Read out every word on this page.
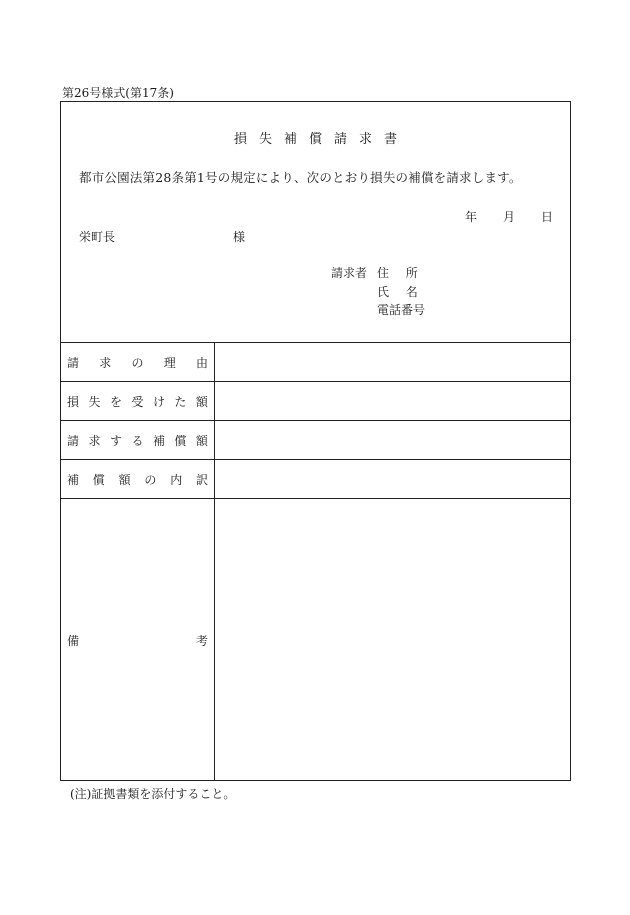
第26号様式(第17条)
損失補償請求書
都市公園法第28条第1号の規定により、次のとおり損失の補償を請求します。
年 月 日
栄町長	様
請求者 住所
氏名
電話番号
請 求 の 理 由
損 失 を 受 け た 額
請 求 す る 補 償 額
補 償 額 の 内 訳
備	考
(注)証拠書類を添付すること。
